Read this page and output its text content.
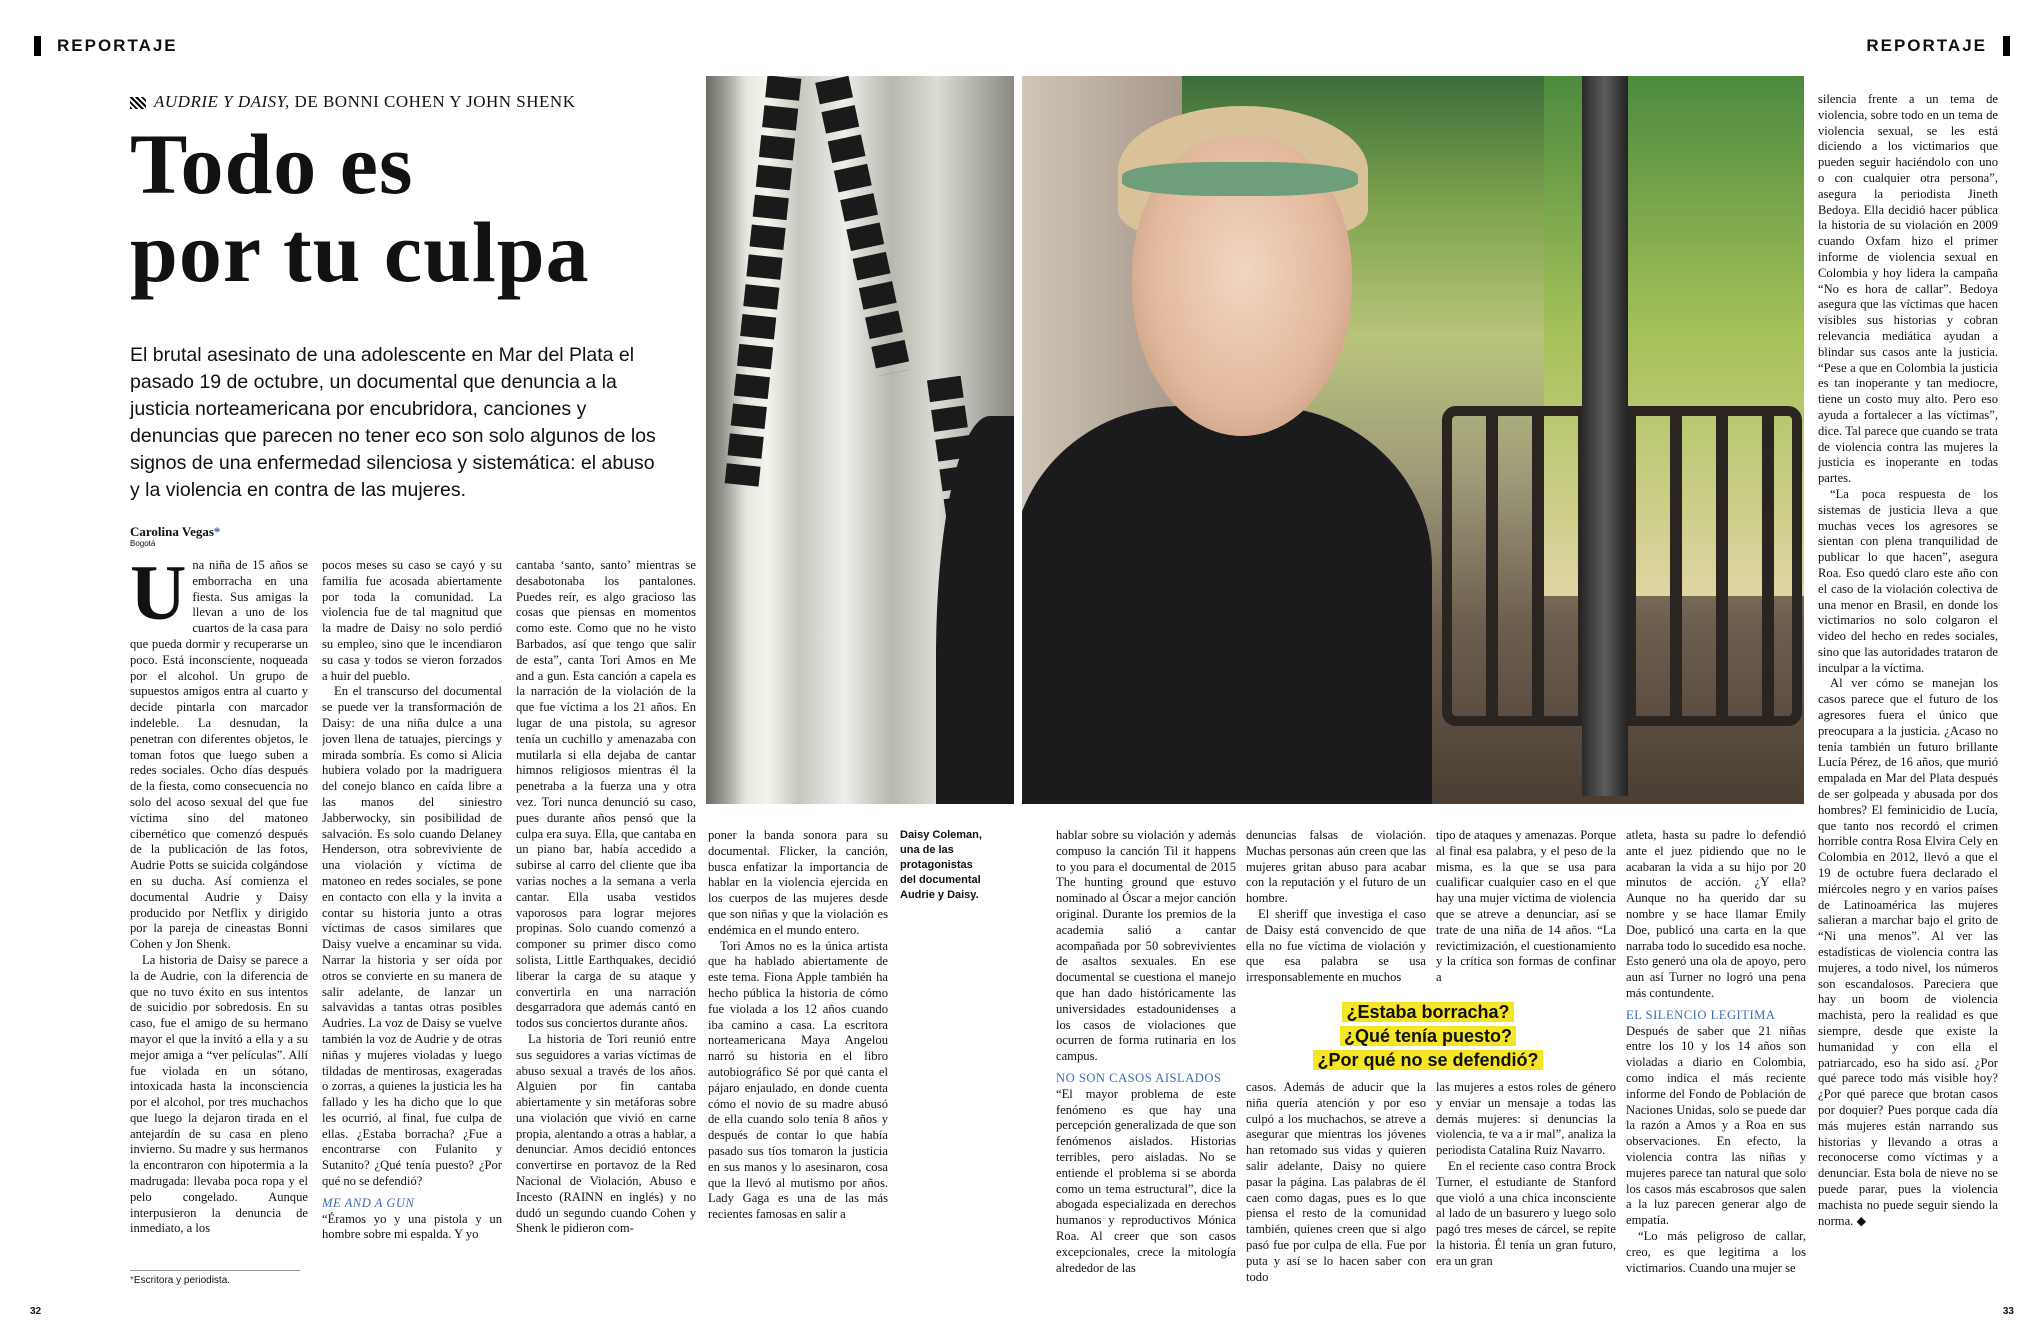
REPORTAJE	REPORTAJE
AUDRIE Y DAISY, DE BONNI COHEN Y JOHN SHENK
Todo es
por tu culpa
El brutal asesinato de una adolescente en Mar del Plata el pasado 19 de octubre, un documental que denuncia a la justicia norteamericana por encubridora, canciones y denuncias que parecen no tener eco son solo algunos de los signos de una enfermedad silenciosa y sistemática: el abuso y la violencia en contra de las mujeres.
Carolina Vegas*
Bogotá

Una niña de 15 años se emborracha en una fiesta. Sus amigas la llevan a uno de los cuartos de la casa para que pueda dormir y recuperarse un poco. Está inconsciente, noqueada por el alcohol. Un grupo de supuestos amigos entra al cuarto y decide pintarla con marcador indeleble. La desnudan, la penetran con diferentes objetos, le toman fotos que luego suben a redes sociales. Ocho días después de la fiesta, como consecuencia no solo del acoso sexual del que fue víctima sino del matoneo cibernético que comenzó después de la publicación de las fotos, Audrie Potts se suicida colgándose en su ducha. Así comienza el documental Audrie y Daisy producido por Netflix y dirigido por la pareja de cineastas Bonni Cohen y Jon Shenk.

La historia de Daisy se parece a la de Audrie, con la diferencia de que no tuvo éxito en sus intentos de suicidio por sobredosis. En su caso, fue el amigo de su hermano mayor el que la invitó a ella y a su mejor amiga a “ver películas”. Allí fue violada en un sótano, intoxicada hasta la inconsciencia por el alcohol, por tres muchachos que luego la dejaron tirada en el antejardín de su casa en pleno invierno. Su madre y sus hermanos la encontraron con hipotermia a la madrugada: llevaba poca ropa y el pelo congelado. Aunque interpusieron la denuncia de inmediato, a los

pocos meses su caso se cayó y su familia fue acosada abiertamente por toda la comunidad. La violencia fue de tal magnitud que la madre de Daisy no solo perdió su empleo, sino que le incendiaron su casa y todos se vieron forzados a huir del pueblo.

En el transcurso del documental se puede ver la transformación de Daisy: de una niña dulce a una joven llena de tatuajes, piercings y mirada sombría. Es como si Alicia hubiera volado por la madriguera del conejo blanco en caída libre a las manos del siniestro Jabberwocky, sin posibilidad de salvación. Es solo cuando Delaney Henderson, otra sobreviviente de una violación y víctima de matoneo en redes sociales, se pone en contacto con ella y la invita a contar su historia junto a otras víctimas de casos similares que Daisy vuelve a encaminar su vida. Narrar la historia y ser oída por otros se convierte en su manera de salir adelante, de lanzar un salvavidas a tantas otras posibles Audries. La voz de Daisy se vuelve también la voz de Audrie y de otras niñas y mujeres violadas y luego tildadas de mentirosas, exageradas o zorras, a quienes la justicia les ha fallado y les ha dicho que lo que les ocurrió, al final, fue culpa de ellas. ¿Estaba borracha? ¿Fue a encontrarse con Fulanito y Sutanito? ¿Qué tenía puesto? ¿Por qué no se defendió?

ME AND A GUN

“Éramos yo y una pistola y un hombre sobre mi espalda. Y yo

cantaba ‘santo, santo’ mientras se desabotonaba los pantalones. Puedes reír, es algo gracioso las cosas que piensas en momentos como este. Como que no he visto Barbados, así que tengo que salir de esta”, canta Tori Amos en Me and a gun. Esta canción a capela es la narración de la violación de la que fue víctima a los 21 años. En lugar de una pistola, su agresor tenía un cuchillo y amenazaba con mutilarla si ella dejaba de cantar himnos religiosos mientras él la penetraba a la fuerza una y otra vez. Tori nunca denunció su caso, pues durante años pensó que la culpa era suya. Ella, que cantaba en un piano bar, había accedido a subirse al carro del cliente que iba varias noches a la semana a verla cantar. Ella usaba vestidos vaporosos para lograr mejores propinas. Solo cuando comenzó a componer su primer disco como solista, Little Earthquakes, decidió liberar la carga de su ataque y convertirla en una narración desgarradora que además cantó en todos sus conciertos durante años.

La historia de Tori reunió entre sus seguidores a varias víctimas de abuso sexual a través de los años. Alguien por fin cantaba abiertamente y sin metáforas sobre una violación que vivió en carne propia, alentando a otras a hablar, a denunciar. Amos decidió entonces convertirse en portavoz de la Red Nacional de Violación, Abuso e Incesto (RAINN en inglés) y no dudó un segundo cuando Cohen y Shenk le pidieron com-

poner la banda sonora para su documental. Flicker, la canción, busca enfatizar la importancia de hablar en la violencia ejercida en los cuerpos de las mujeres desde que son niñas y que la violación es endémica en el mundo entero.

Tori Amos no es la única artista que ha hablado abiertamente de este tema. Fiona Apple también ha hecho pública la historia de cómo fue violada a los 12 años cuando iba camino a casa. La escritora norteamericana Maya Angelou narró su historia en el libro autobiográfico Sé por qué canta el pájaro enjaulado, en donde cuenta cómo el novio de su madre abusó de ella cuando solo tenía 8 años y después de contar lo que había pasado sus tíos tomaron la justicia en sus manos y lo asesinaron, cosa que la llevó al mutismo por años. Lady Gaga es una de las más recientes famosas en salir a

Daisy Coleman, una de las protagonistas del documental Audrie y Daisy.

hablar sobre su violación y además compuso la canción Til it happens to you para el documental de 2015 The hunting ground que estuvo nominado al Óscar a mejor canción original. Durante los premios de la academia salió a cantar acompañada por 50 sobrevivientes de asaltos sexuales. En ese documental se cuestiona el manejo que han dado históricamente las universidades estadounidenses a los casos de violaciones que ocurren de forma rutinaria en los campus.

NO SON CASOS AISLADOS

“El mayor problema de este fenómeno es que hay una percepción generalizada de que son fenómenos aislados. Historias terribles, pero aisladas. No se entiende el problema si se aborda como un tema estructural”, dice la abogada especializada en derechos humanos y reproductivos Mónica Roa. Al creer que son casos excepcionales, crece la mitología alrededor de las

denuncias falsas de violación. Muchas personas aún creen que las mujeres gritan abuso para acabar con la reputación y el futuro de un hombre.

El sheriff que investiga el caso de Daisy está convencido de que ella no fue víctima de violación y que esa palabra se usa irresponsablemente en muchos

casos. Además de aducir que la niña quería atención y por eso culpó a los muchachos, se atreve a asegurar que mientras los jóvenes han retomado sus vidas y quieren salir adelante, Daisy no quiere pasar la página. Las palabras de él caen como dagas, pues es lo que piensa el resto de la comunidad también, quienes creen que si algo pasó fue por culpa de ella. Fue por puta y así se lo hacen saber con todo

¿Estaba borracha?
¿Qué tenía puesto?
¿Por qué no se defendió?

tipo de ataques y amenazas. Porque al final esa palabra, y el peso de la misma, es la que se usa para cualificar cualquier caso en el que hay una mujer víctima de violencia que se atreve a denunciar, así se trate de una niña de 14 años. “La revictimización, el cuestionamiento y la crítica son formas de confinar a

las mujeres a estos roles de género y enviar un mensaje a todas las demás mujeres: si denuncias la violencia, te va a ir mal”, analiza la periodista Catalina Ruiz Navarro.

En el reciente caso contra Brock Turner, el estudiante de Stanford que violó a una chica inconsciente al lado de un basurero y luego solo pagó tres meses de cárcel, se repite la historia. Él tenía un gran futuro, era un gran

atleta, hasta su padre lo defendió ante el juez pidiendo que no le acabaran la vida a su hijo por 20 minutos de acción. ¿Y ella? Aunque no ha querido dar su nombre y se hace llamar Emily Doe, publicó una carta en la que narraba todo lo sucedido esa noche. Esto generó una ola de apoyo, pero aun así Turner no logró una pena más contundente.

EL SILENCIO LEGITIMA

Después de saber que 21 niñas entre los 10 y los 14 años son violadas a diario en Colombia, como indica el más reciente informe del Fondo de Población de Naciones Unidas, solo se puede dar la razón a Amos y a Roa en sus observaciones. En efecto, la violencia contra las niñas y mujeres parece tan natural que solo los casos más escabrosos que salen a la luz parecen generar algo de empatía.

“Lo más peligroso de callar, creo, es que legitima a los victimarios. Cuando una mujer se

silencia frente a un tema de violencia, sobre todo en un tema de violencia sexual, se les está diciendo a los victimarios que pueden seguir haciéndolo con uno o con cualquier otra persona”, asegura la periodista Jineth Bedoya. Ella decidió hacer pública la historia de su violación en 2009 cuando Oxfam hizo el primer informe de violencia sexual en Colombia y hoy lidera la campaña “No es hora de callar”. Bedoya asegura que las víctimas que hacen visibles sus historias y cobran relevancia mediática ayudan a blindar sus casos ante la justicia. “Pese a que en Colombia la justicia es tan inoperante y tan mediocre, tiene un costo muy alto. Pero eso ayuda a fortalecer a las víctimas”, dice. Tal parece que cuando se trata de violencia contra las mujeres la justicia es inoperante en todas partes.

“La poca respuesta de los sistemas de justicia lleva a que muchas veces los agresores se sientan con plena tranquilidad de publicar lo que hacen”, asegura Roa. Eso quedó claro este año con el caso de la violación colectiva de una menor en Brasil, en donde los victimarios no solo colgaron el video del hecho en redes sociales, sino que las autoridades trataron de inculpar a la víctima.

Al ver cómo se manejan los casos parece que el futuro de los agresores fuera el único que preocupara a la justicia. ¿Acaso no tenía también un futuro brillante Lucía Pérez, de 16 años, que murió empalada en Mar del Plata después de ser golpeada y abusada por dos hombres? El feminicidio de Lucía, que tanto nos recordó el crimen horrible contra Rosa Elvira Cely en Colombia en 2012, llevó a que el 19 de octubre fuera declarado el miércoles negro y en varios países de Latinoamérica las mujeres salieran a marchar bajo el grito de “Ni una menos”. Al ver las estadísticas de violencia contra las mujeres, a todo nivel, los números son escandalosos. Pareciera que hay un boom de violencia machista, pero la realidad es que siempre, desde que existe la humanidad y con ella el patriarcado, eso ha sido así. ¿Por qué parece todo más visible hoy? ¿Por qué parece que brotan casos por doquier? Pues porque cada día más mujeres están narrando sus historias y llevando a otras a reconocerse como víctimas y a denunciar. Esta bola de nieve no se puede parar, pues la violencia machista no puede seguir siendo la norma. ◆

*Escritora y periodista.
32	33
